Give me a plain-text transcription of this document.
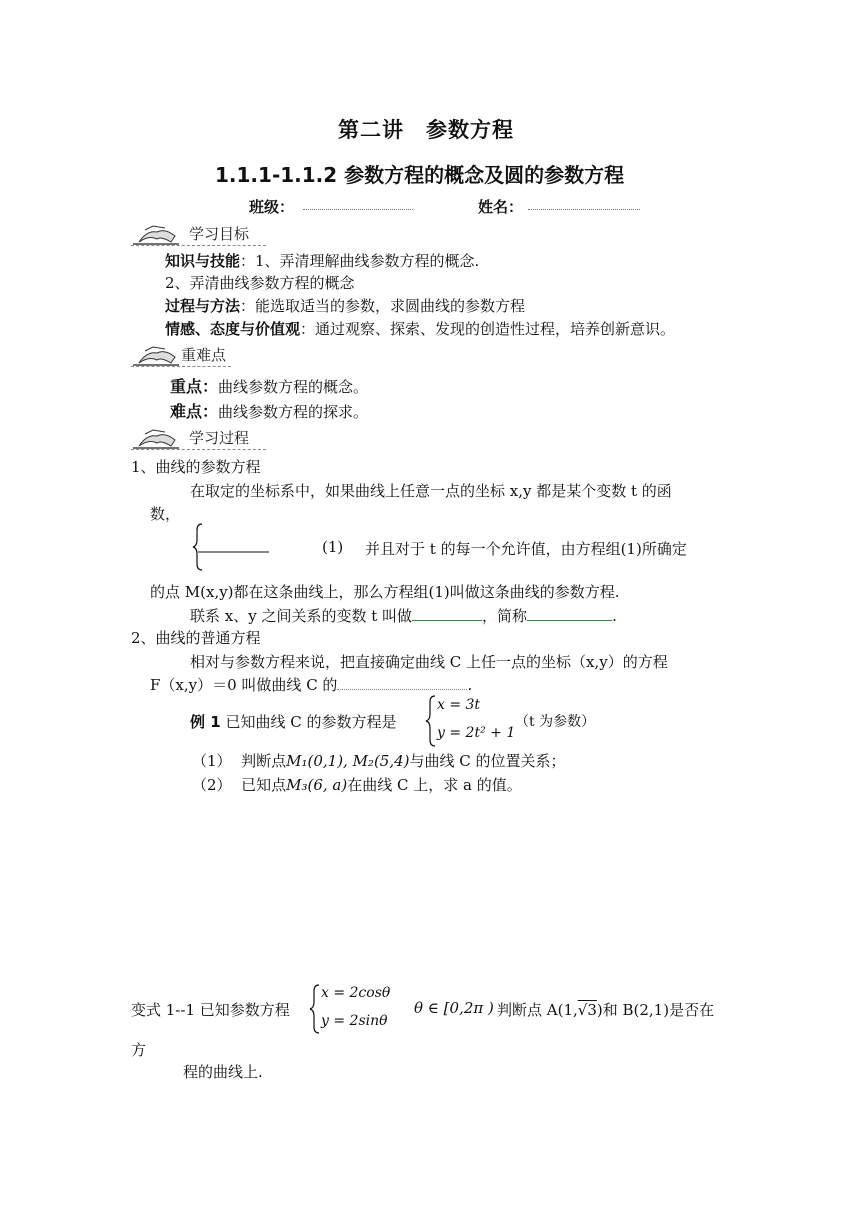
第二讲　参数方程
1.1.1-1.1.2 参数方程的概念及圆的参数方程
班级：	姓名：
学习目标
知识与技能：1、弄清理解曲线参数方程的概念.
2、弄清曲线参数方程的概念
过程与方法：能选取适当的参数，求圆曲线的参数方程
情感、态度与价值观：通过观察、探索、发现的创造性过程，培养创新意识。
重难点
重点：曲线参数方程的概念。
难点：曲线参数方程的探求。
学习过程
1、曲线的参数方程
在取定的坐标系中，如果曲线上任意一点的坐标 x,y 都是某个变数 t 的函
数，
(1) 并且对于 t 的每一个允许值，由方程组(1)所确定
的点 M(x,y)都在这条曲线上，那么方程组(1)叫做这条曲线的参数方程.
联系 x、y 之间关系的变数 t 叫做	，简称	.
2、曲线的普通方程
相对与参数方程来说，把直接确定曲线 C 上任一点的坐标（x,y）的方程
F（x,y）＝0 叫做曲线 C 的	.
例 1 已知曲线 C 的参数方程是
x = 3t
y = 2t² + 1
（t 为参数）
（1） 判断点M₁(0,1), M₂(5,4)与曲线 C 的位置关系；
（2） 已知点M₃(6, a)在曲线 C 上，求 a 的值。
变式 1--1 已知参数方程
x = 2cosθ
y = 2sinθ
θ ∈ [0,2π ) 判断点 A(1,√3)和 B(2,1)是否在
方
程的曲线上.
